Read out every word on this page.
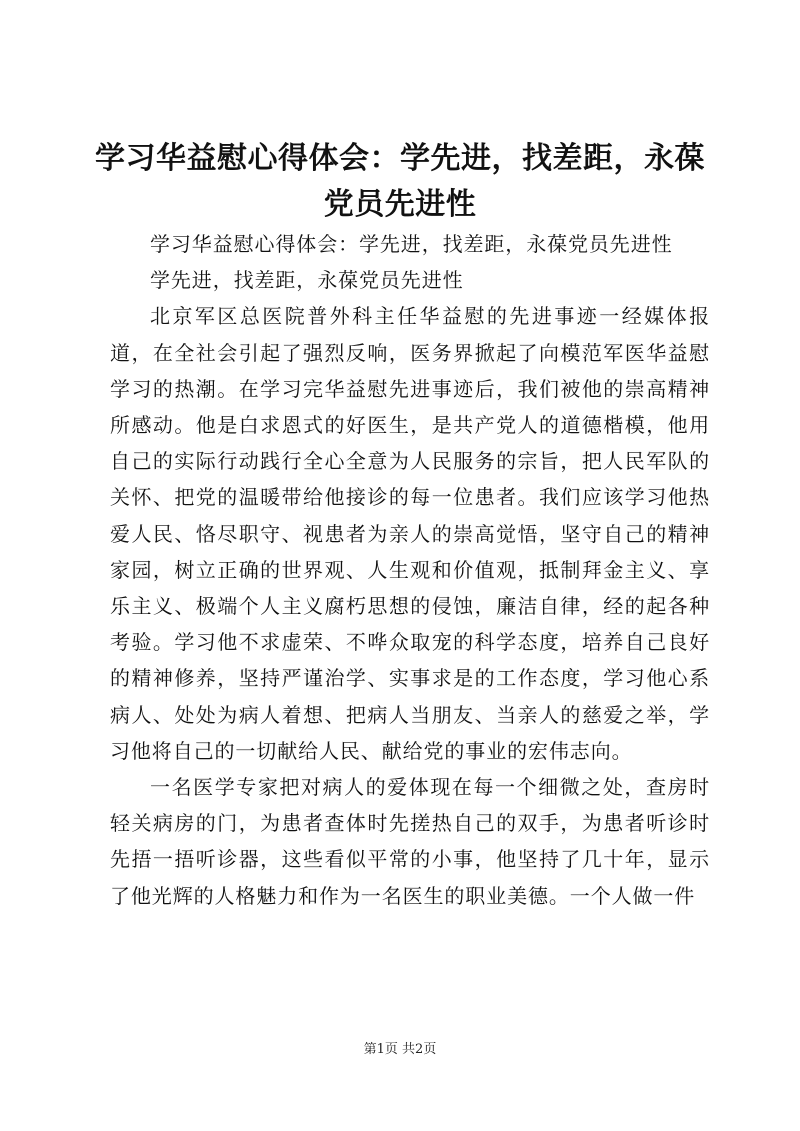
学习华益慰心得体会：学先进，找差距，永葆党员先进性

学习华益慰心得体会：学先进，找差距，永葆党员先进性

学先进，找差距，永葆党员先进性

北京军区总医院普外科主任华益慰的先进事迹一经媒体报道，在全社会引起了强烈反响，医务界掀起了向模范军医华益慰学习的热潮。在学习完华益慰先进事迹后，我们被他的崇高精神所感动。他是白求恩式的好医生，是共产党人的道德楷模，他用自己的实际行动践行全心全意为人民服务的宗旨，把人民军队的关怀、把党的温暖带给他接诊的每一位患者。我们应该学习他热爱人民、恪尽职守、视患者为亲人的崇高觉悟，坚守自己的精神家园，树立正确的世界观、人生观和价值观，抵制拜金主义、享乐主义、极端个人主义腐朽思想的侵蚀，廉洁自律，经的起各种考验。学习他不求虚荣、不哗众取宠的科学态度，培养自己良好的精神修养，坚持严谨治学、实事求是的工作态度，学习他心系病人、处处为病人着想、把病人当朋友、当亲人的慈爱之举，学习他将自己的一切献给人民、献给党的事业的宏伟志向。

一名医学专家把对病人的爱体现在每一个细微之处，查房时轻关病房的门，为患者查体时先搓热自己的双手，为患者听诊时先捂一捂听诊器，这些看似平常的小事，他坚持了几十年，显示了他光辉的人格魅力和作为一名医生的职业美德。一个人做一件

第1页 共2页
